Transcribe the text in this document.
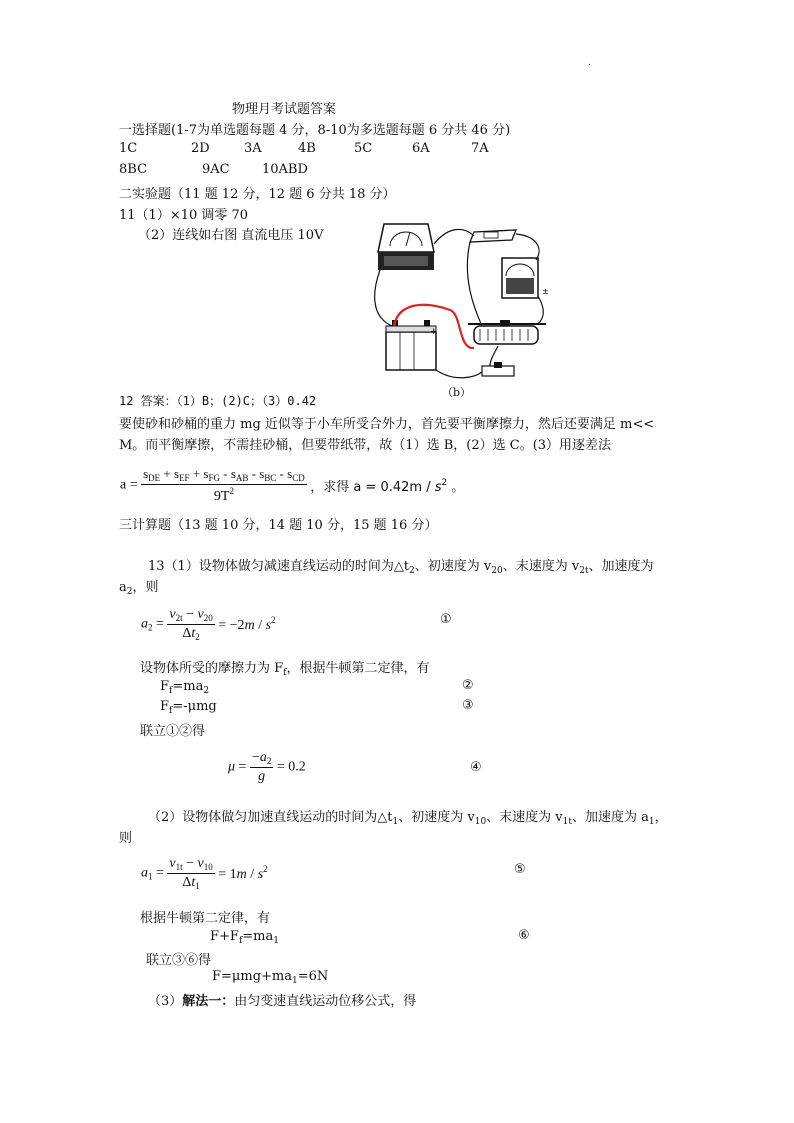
.
物理月考试题答案
一选择题(1-7为单选题每题 4 分，8-10为多选题每题 6 分共 46 分)
1C	2D	3A	4B	5C	6A	7A
8BC	9AC 10ABD
二实验题（11 题 12 分，12 题 6 分共 18 分）
11（1）×10 调零 70
（2）连线如右图 直流电压 10V
±
+
（b）
12 答案：（1）B；(2)C；（3）0.42
要使砂和砂桶的重力 mg 近似等于小车所受合外力，首先要平衡摩擦力，然后还要满足 m<<
M。而平衡摩擦，不需挂砂桶，但要带纸带，故（1）选 B，(2）选 C。(3）用逐差法
$a = \frac{s_{DE} + s_{EF} + s_{FG} - s_{AB} - s_{BC} - s_{CD}}{9T^2}$ ，求得 $a = 0.42m / s^2$ 。
三计算题（13 题 10 分，14 题 10 分，15 题 16 分）
13（1）设物体做匀减速直线运动的时间为$\triangle t_2$、初速度为 $v_{20}$、末速度为 $v_{2t}$、加速度为
$a_2$，则
$a_2 = \frac{v_{2t} - v_{20}}{\Delta t_2} = -2m / s^2$	①
设物体所受的摩擦力为 $F_f$，根据牛顿第二定律，有
$F_f=ma_2$	②
$F_f=$-μmg	③
联立①②得
$\mu = \frac{-a_2}{g} = 0.2$	④
（2）设物体做匀加速直线运动的时间为$\triangle t_1$、初速度为 $v_{10}$、末速度为 $v_{1t}$、加速度为 $a_1$，
则
$a_1 = \frac{v_{1t} - v_{10}}{\Delta t_1} = 1m / s^2$	⑤
根据牛顿第二定律，有
$F+F_f=ma_1$	⑥
联立③⑥得
$F=\mu mg+ma_1=6N$
（3）解法一：由匀变速直线运动位移公式，得
